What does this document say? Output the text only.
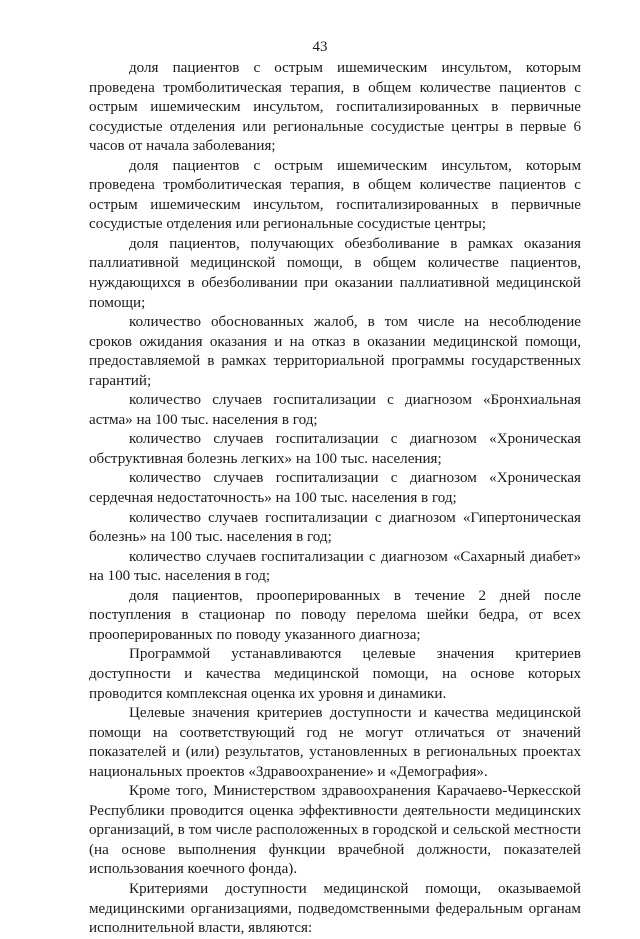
43

доля пациентов с острым ишемическим инсультом, которым проведена тромболитическая терапия, в общем количестве пациентов с острым ишемическим инсультом, госпитализированных в первичные сосудистые отделения или региональные сосудистые центры в первые 6 часов от начала заболевания;

доля пациентов с острым ишемическим инсультом, которым проведена тромболитическая терапия, в общем количестве пациентов с острым ишемическим инсультом, госпитализированных в первичные сосудистые отделения или региональные сосудистые центры;

доля пациентов, получающих обезболивание в рамках оказания паллиативной медицинской помощи, в общем количестве пациентов, нуждающихся в обезболивании при оказании паллиативной медицинской помощи;

количество обоснованных жалоб, в том числе на несоблюдение сроков ожидания оказания и на отказ в оказании медицинской помощи, предоставляемой в рамках территориальной программы государственных гарантий;

количество случаев госпитализации с диагнозом «Бронхиальная астма» на 100 тыс. населения в год;

количество случаев госпитализации с диагнозом «Хроническая обструктивная болезнь легких» на 100 тыс. населения;

количество случаев госпитализации с диагнозом «Хроническая сердечная недостаточность» на 100 тыс. населения в год;

количество случаев госпитализации с диагнозом «Гипертоническая болезнь» на 100 тыс. населения в год;

количество случаев госпитализации с диагнозом «Сахарный диабет» на 100 тыс. населения в год;

доля пациентов, прооперированных в течение 2 дней после поступления в стационар по поводу перелома шейки бедра, от всех прооперированных по поводу указанного диагноза;

Программой устанавливаются целевые значения критериев доступности и качества медицинской помощи, на основе которых проводится комплексная оценка их уровня и динамики.

Целевые значения критериев доступности и качества медицинской помощи на соответствующий год не могут отличаться от значений показателей и (или) результатов, установленных в региональных проектах национальных проектов «Здравоохранение» и «Демография».

Кроме того, Министерством здравоохранения Карачаево-Черкесской Республики проводится оценка эффективности деятельности медицинских организаций, в том числе расположенных в городской и сельской местности (на основе выполнения функции врачебной должности, показателей использования коечного фонда).

Критериями доступности медицинской помощи, оказываемой медицинскими организациями, подведомственными федеральным органам исполнительной власти, являются:
